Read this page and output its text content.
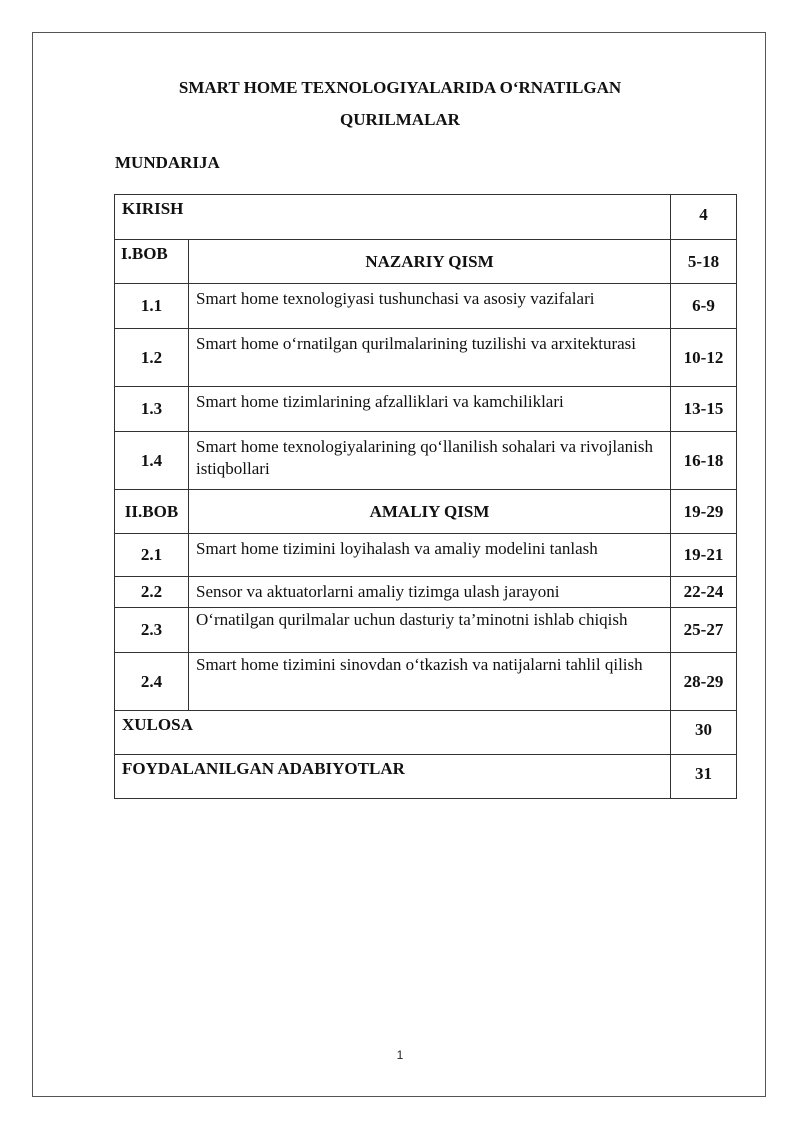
SMART HOME TEXNOLOGIYALARIDA O‘RNATILGAN
QURILMALAR
MUNDARIJA
KIRISH		4
I.BOB	NAZARIY QISM	5-18
1.1	Smart home texnologiyasi tushunchasi va asosiy vazifalari	6-9
1.2	Smart home o‘rnatilgan qurilmalarining tuzilishi va arxitekturasi	10-12
1.3	Smart home tizimlarining afzalliklari va kamchiliklari	13-15
1.4	Smart home texnologiyalarining qo‘llanilish sohalari va rivojlanish istiqbollari	16-18
II.BOB	AMALIY QISM	19-29
2.1	Smart home tizimini loyihalash va amaliy modelini tanlash	19-21
2.2	Sensor va aktuatorlarni amaliy tizimga ulash jarayoni	22-24
2.3	O‘rnatilgan qurilmalar uchun dasturiy ta’minotni ishlab chiqish	25-27
2.4	Smart home tizimini sinovdan o‘tkazish va natijalarni tahlil qilish	28-29
XULOSA		30
FOYDALANILGAN ADABIYOTLAR		31
1
